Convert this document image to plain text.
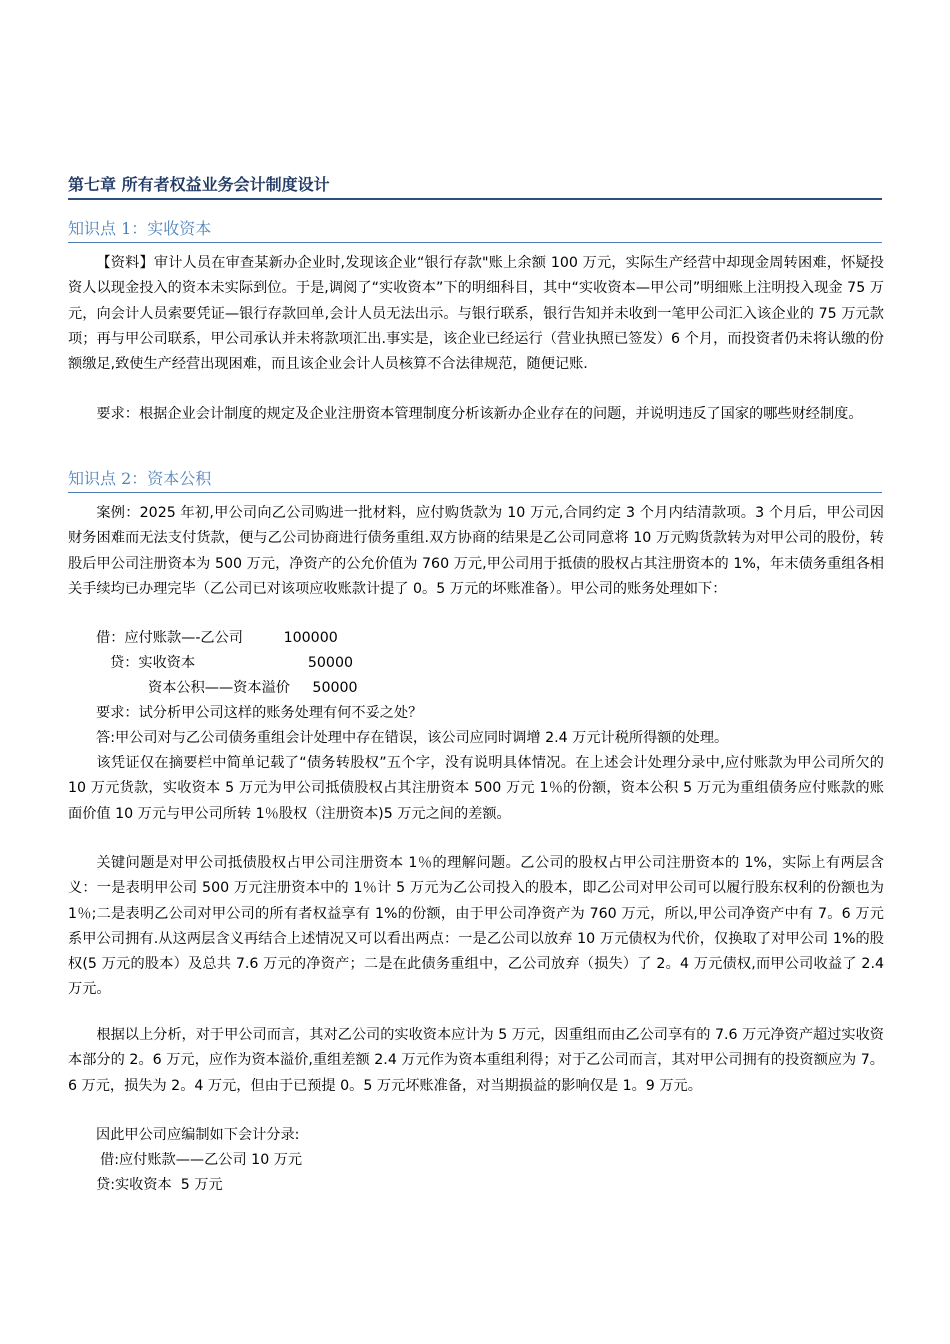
第七章 所有者权益业务会计制度设计
知识点 1：实收资本

【资料】审计人员在审查某新办企业时,发现该企业“银行存款"账上余额 100 万元，实际生产经营中却现金周转困难，怀疑投资人以现金投入的资本未实际到位。于是,调阅了“实收资本”下的明细科目，其中“实收资本—甲公司”明细账上注明投入现金 75 万元，向会计人员索要凭证—银行存款回单,会计人员无法出示。与银行联系，银行告知并未收到一笔甲公司汇入该企业的 75 万元款项；再与甲公司联系，甲公司承认并未将款项汇出.事实是，该企业已经运行（营业执照已签发）6 个月，而投资者仍未将认缴的份额缴足,致使生产经营出现困难，而且该企业会计人员核算不合法律规范，随便记账.

要求：根据企业会计制度的规定及企业注册资本管理制度分析该新办企业存在的问题，并说明违反了国家的哪些财经制度。

知识点 2：资本公积

案例：2025 年初,甲公司向乙公司购进一批材料，应付购货款为 10 万元,合同约定 3 个月内结清款项。3 个月后，甲公司因财务困难而无法支付货款，便与乙公司协商进行债务重组.双方协商的结果是乙公司同意将 10 万元购货款转为对甲公司的股份，转股后甲公司注册资本为 500 万元，净资产的公允价值为 760 万元,甲公司用于抵债的股权占其注册资本的 1%，年末债务重组各相关手续均已办理完毕（乙公司已对该项应收账款计提了 0。5 万元的坏账准备）。甲公司的账务处理如下：

借：应付账款—-乙公司         100000

贷：实收资本                         50000

资本公积——资本溢价     50000

要求：试分析甲公司这样的账务处理有何不妥之处？

答:甲公司对与乙公司债务重组会计处理中存在错误，该公司应同时调增 2.4 万元计税所得额的处理。

该凭证仅在摘要栏中简单记载了“债务转股权”五个字，没有说明具体情况。在上述会计处理分录中,应付账款为甲公司所欠的 10 万元货款，实收资本 5 万元为甲公司抵债股权占其注册资本 500 万元 1％的份额，资本公积 5 万元为重组债务应付账款的账面价值 10 万元与甲公司所转 1％股权（注册资本)5 万元之间的差额。

关键问题是对甲公司抵债股权占甲公司注册资本 1％的理解问题。乙公司的股权占甲公司注册资本的 1%，实际上有两层含义：一是表明甲公司 500 万元注册资本中的 1％计 5 万元为乙公司投入的股本，即乙公司对甲公司可以履行股东权利的份额也为 1％;二是表明乙公司对甲公司的所有者权益享有 1%的份额，由于甲公司净资产为 760 万元，所以,甲公司净资产中有 7。6 万元系甲公司拥有.从这两层含义再结合上述情况又可以看出两点：一是乙公司以放弃 10 万元债权为代价，仅换取了对甲公司 1%的股权(5 万元的股本）及总共 7.6 万元的净资产；二是在此债务重组中，乙公司放弃（损失）了 2。4 万元债权,而甲公司收益了 2.4 万元。

根据以上分析，对于甲公司而言，其对乙公司的实收资本应计为 5 万元，因重组而由乙公司享有的 7.6 万元净资产超过实收资本部分的 2。6 万元，应作为资本溢价,重组差额 2.4 万元作为资本重组利得；对于乙公司而言，其对甲公司拥有的投资额应为 7。6 万元，损失为 2。4 万元，但由于已预提 0。5 万元坏账准备，对当期损益的影响仅是 1。9 万元。

因此甲公司应编制如下会计分录:

借:应付账款——乙公司 10 万元

贷:实收资本  5 万元
